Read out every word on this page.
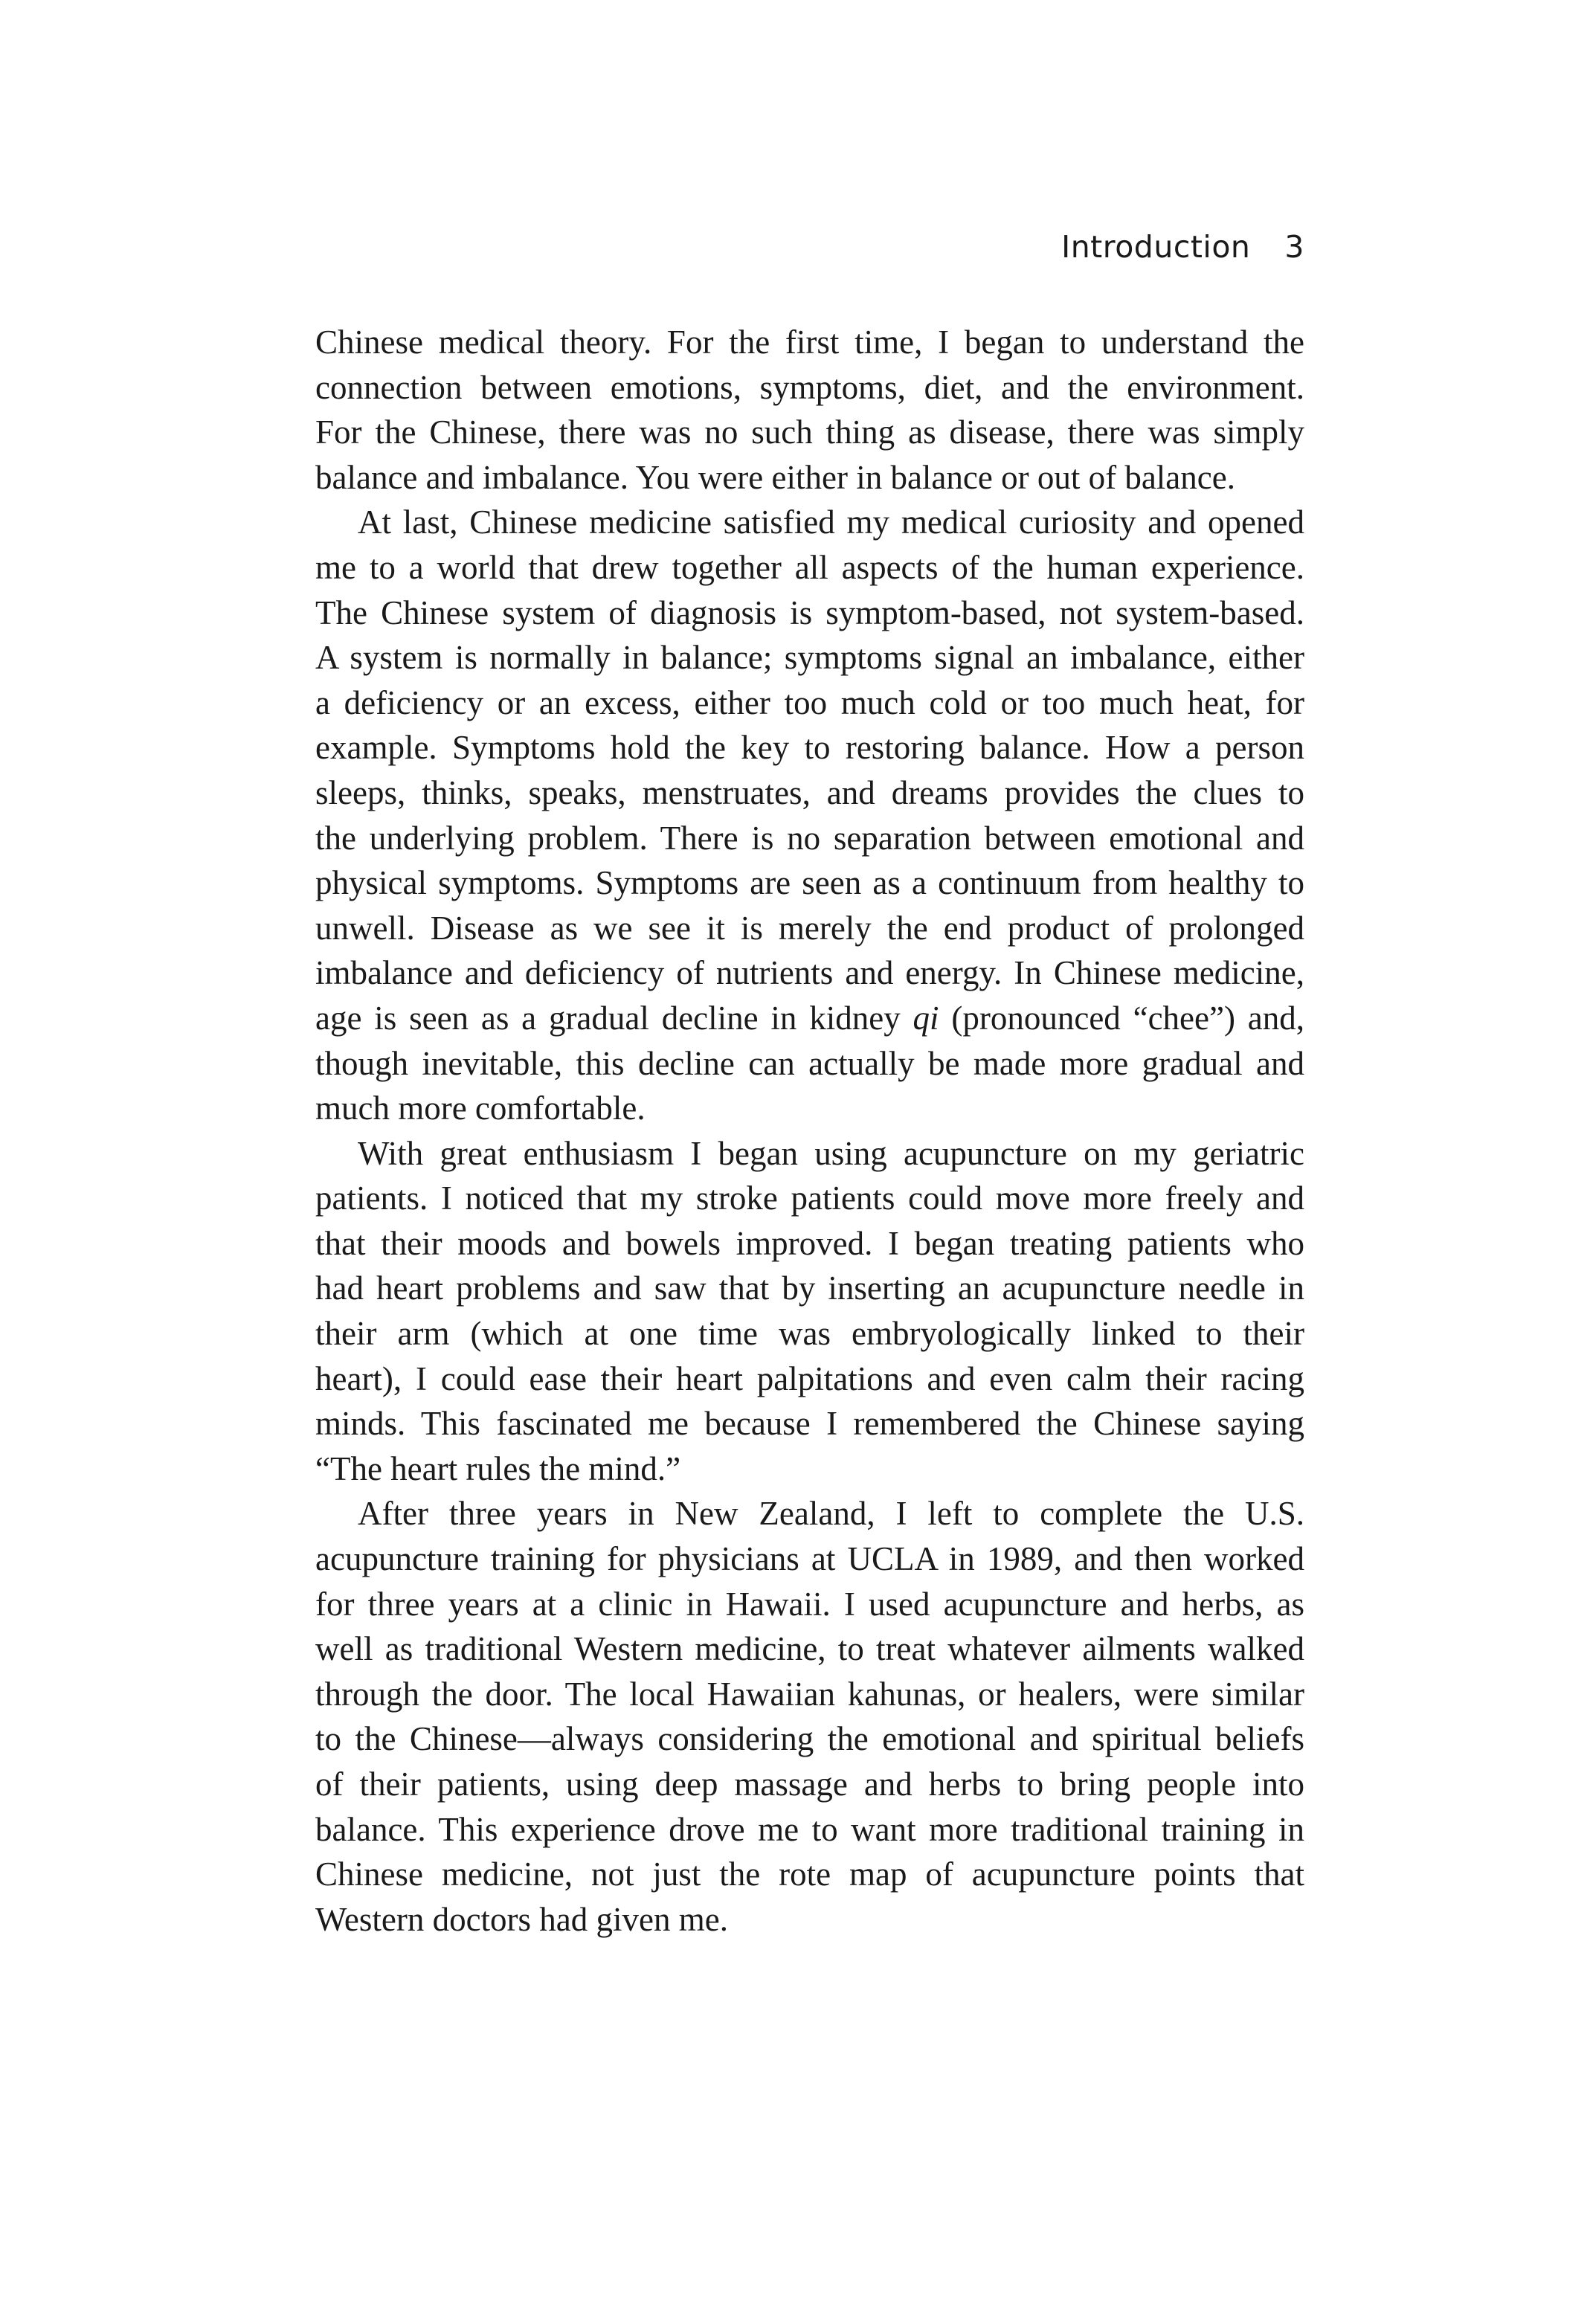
Introduction 3
Chinese medical theory. For the first time, I began to understand the
connection between emotions, symptoms, diet, and the environment.
For the Chinese, there was no such thing as disease, there was simply
balance and imbalance. You were either in balance or out of balance.
At last, Chinese medicine satisfied my medical curiosity and opened
me to a world that drew together all aspects of the human experience.
The Chinese system of diagnosis is symptom-based, not system-based.
A system is normally in balance; symptoms signal an imbalance, either
a deficiency or an excess, either too much cold or too much heat, for
example. Symptoms hold the key to restoring balance. How a person
sleeps, thinks, speaks, menstruates, and dreams provides the clues to
the underlying problem. There is no separation between emotional and
physical symptoms. Symptoms are seen as a continuum from healthy to
unwell. Disease as we see it is merely the end product of prolonged
imbalance and deficiency of nutrients and energy. In Chinese medicine,
age is seen as a gradual decline in kidney qi (pronounced “chee”) and,
though inevitable, this decline can actually be made more gradual and
much more comfortable.
With great enthusiasm I began using acupuncture on my geriatric
patients. I noticed that my stroke patients could move more freely and
that their moods and bowels improved. I began treating patients who
had heart problems and saw that by inserting an acupuncture needle in
their arm (which at one time was embryologically linked to their
heart), I could ease their heart palpitations and even calm their racing
minds. This fascinated me because I remembered the Chinese saying
“The heart rules the mind.”
After three years in New Zealand, I left to complete the U.S.
acupuncture training for physicians at UCLA in 1989, and then worked
for three years at a clinic in Hawaii. I used acupuncture and herbs, as
well as traditional Western medicine, to treat whatever ailments walked
through the door. The local Hawaiian kahunas, or healers, were similar
to the Chinese—always considering the emotional and spiritual beliefs
of their patients, using deep massage and herbs to bring people into
balance. This experience drove me to want more traditional training in
Chinese medicine, not just the rote map of acupuncture points that
Western doctors had given me.
